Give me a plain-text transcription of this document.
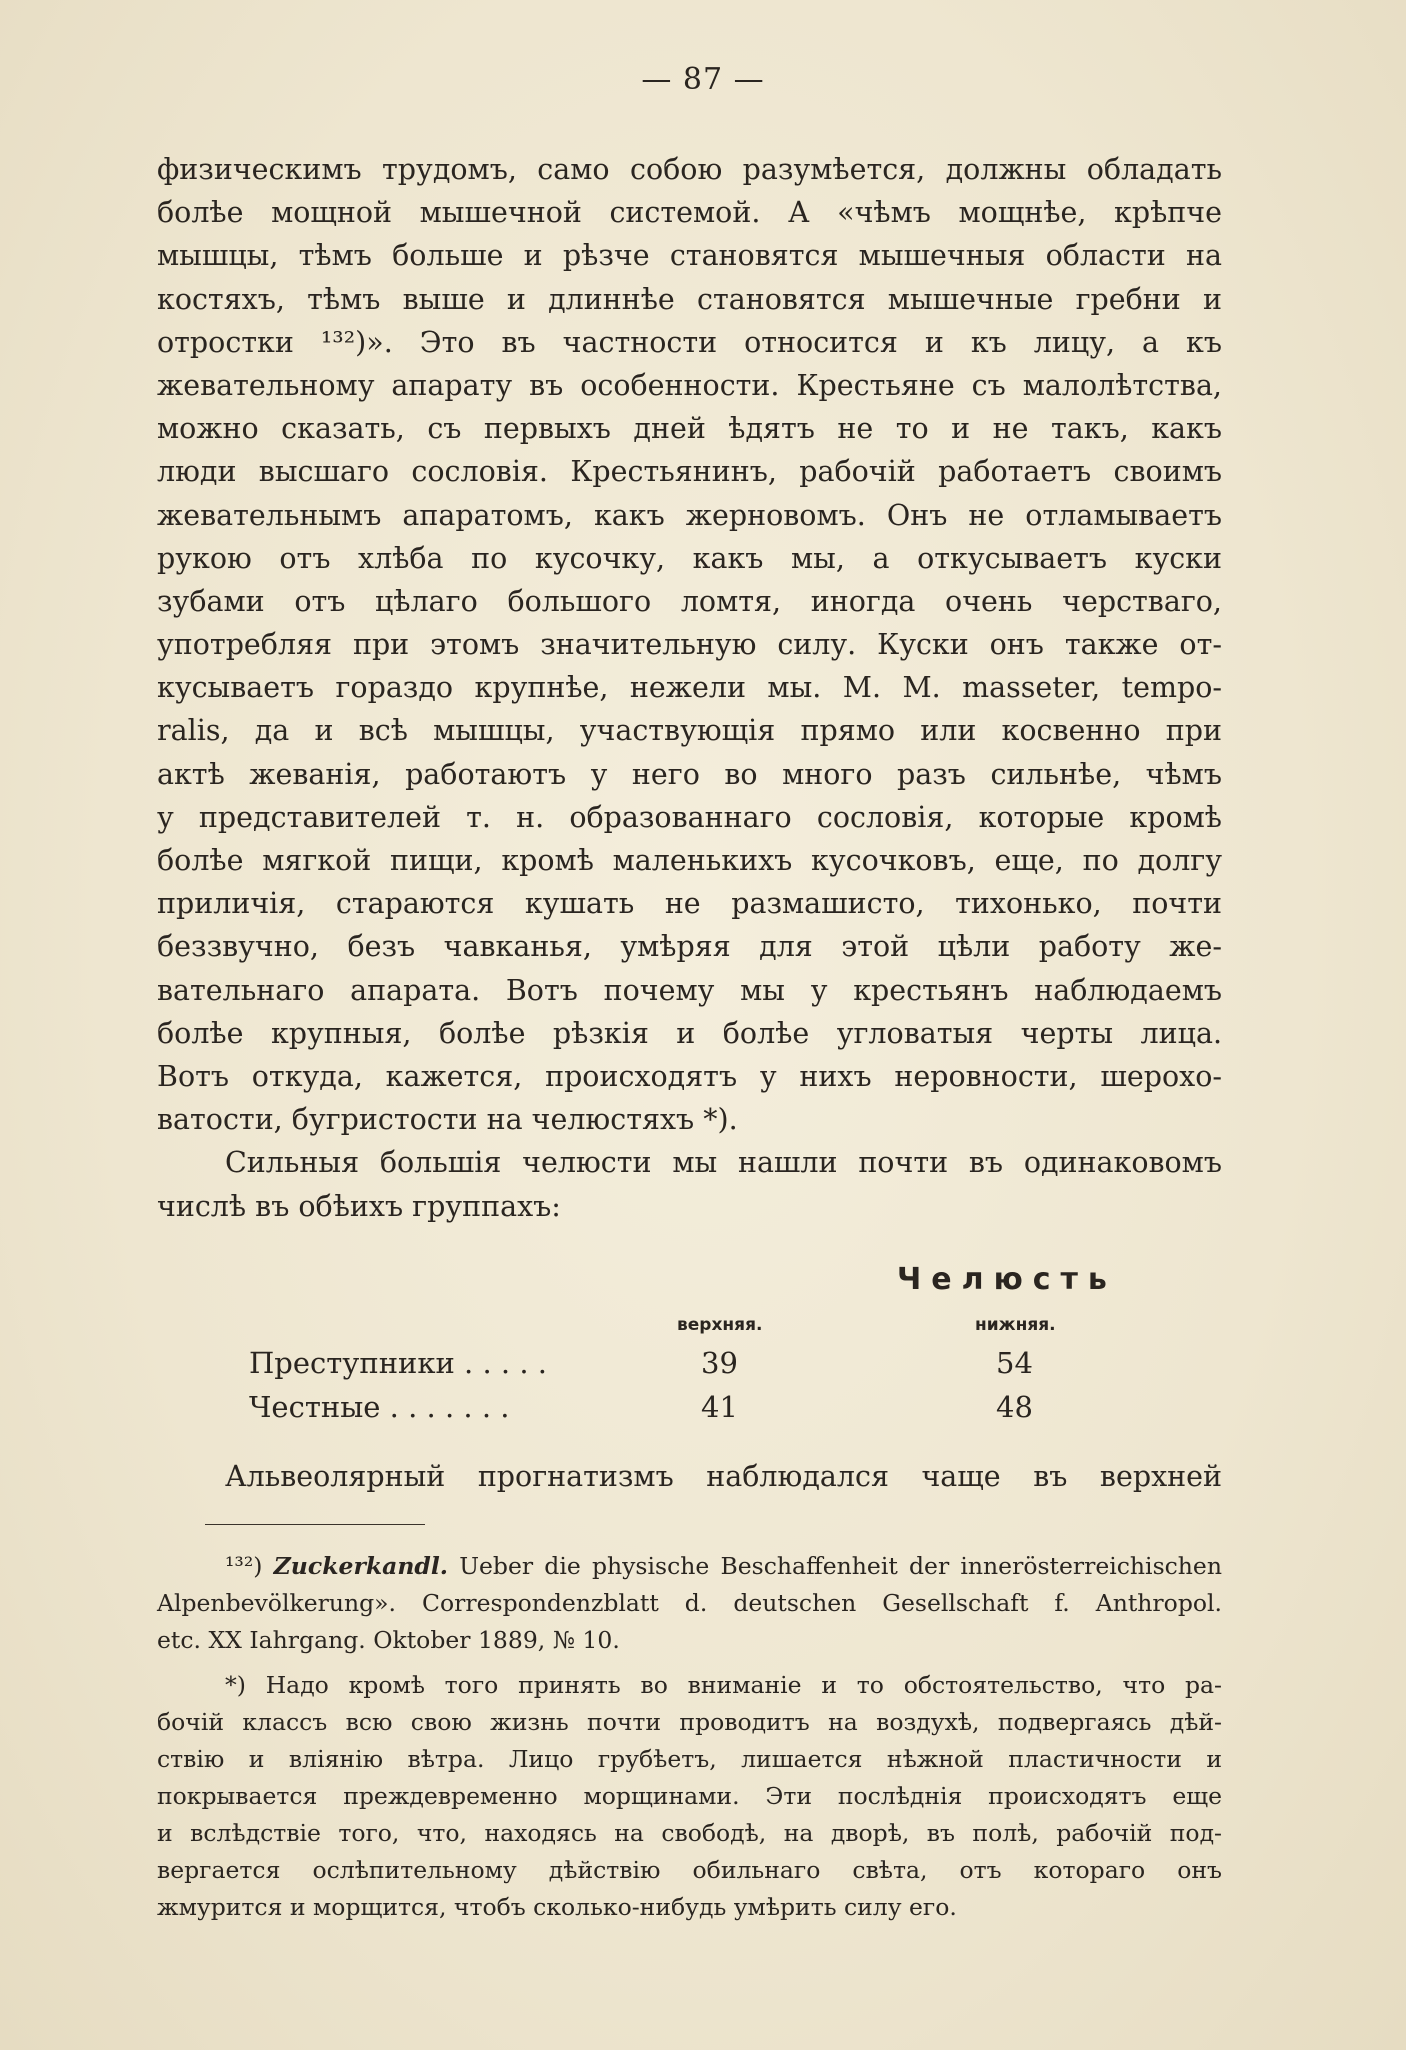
— 87 —
физическимъ трудомъ, само собою разумѣется, должны обладать
болѣе мощной мышечной системой. А «чѣмъ мощнѣе, крѣпче
мышцы, тѣмъ больше и рѣзче становятся мышечныя области на
костяхъ, тѣмъ выше и длиннѣе становятся мышечные гребни и
отростки ¹³²)». Это въ частности относится и къ лицу, а къ
жевательному апарату въ особенности. Крестьяне съ малолѣтства,
можно сказать, съ первыхъ дней ѣдятъ не то и не такъ, какъ
люди высшаго сословія. Крестьянинъ, рабочій работаетъ своимъ
жевательнымъ апаратомъ, какъ жерновомъ. Онъ не отламываетъ
рукою отъ хлѣба по кусочку, какъ мы, а откусываетъ куски
зубами отъ цѣлаго большого ломтя, иногда очень черстваго,
употребляя при этомъ значительную силу. Куски онъ также от-
кусываетъ гораздо крупнѣе, нежели мы. M. M. masseter, tempo-
ralis, да и всѣ мышцы, участвующія прямо или косвенно при
актѣ жеванія, работаютъ у него во много разъ сильнѣе, чѣмъ
у представителей т. н. образованнаго сословія, которые кромѣ
болѣе мягкой пищи, кромѣ маленькихъ кусочковъ, еще, по долгу
приличія, стараются кушать не размашисто, тихонько, почти
беззвучно, безъ чавканья, умѣряя для этой цѣли работу же-
вательнаго апарата. Вотъ почему мы у крестьянъ наблюдаемъ
болѣе крупныя, болѣе рѣзкія и болѣе угловатыя черты лица.
Вотъ откуда, кажется, происходятъ у нихъ неровности, шерохо-
ватости, бугристости на челюстяхъ *).
Сильныя большія челюсти мы нашли почти въ одинаковомъ
числѣ въ обѣихъ группахъ:
Челюсть
верхняя.	нижняя.
Преступники . . . . .	39	54
Честные . . . . . . .	41	48
Альвеолярный прогнатизмъ наблюдался чаще въ верхней
¹³²) Zuckerkandl. Ueber die physische Beschaffenheit der innerösterreichischen
Alpenbevölkerung». Correspondenzblatt d. deutschen Gesellschaft f. Anthropol.
etc. XX Iahrgang. Oktober 1889, № 10.
*) Надо кромѣ того принять во вниманіе и то обстоятельство, что ра-
бочій классъ всю свою жизнь почти проводитъ на воздухѣ, подвергаясь дѣй-
ствію и вліянію вѣтра. Лицо грубѣетъ, лишается нѣжной пластичности и
покрывается преждевременно морщинами. Эти послѣднія происходятъ еще
и вслѣдствіе того, что, находясь на свободѣ, на дворѣ, въ полѣ, рабочій под-
вергается ослѣпительному дѣйствію обильнаго свѣта, отъ котораго онъ
жмурится и морщится, чтобъ сколько-нибудь умѣрить силу его.
